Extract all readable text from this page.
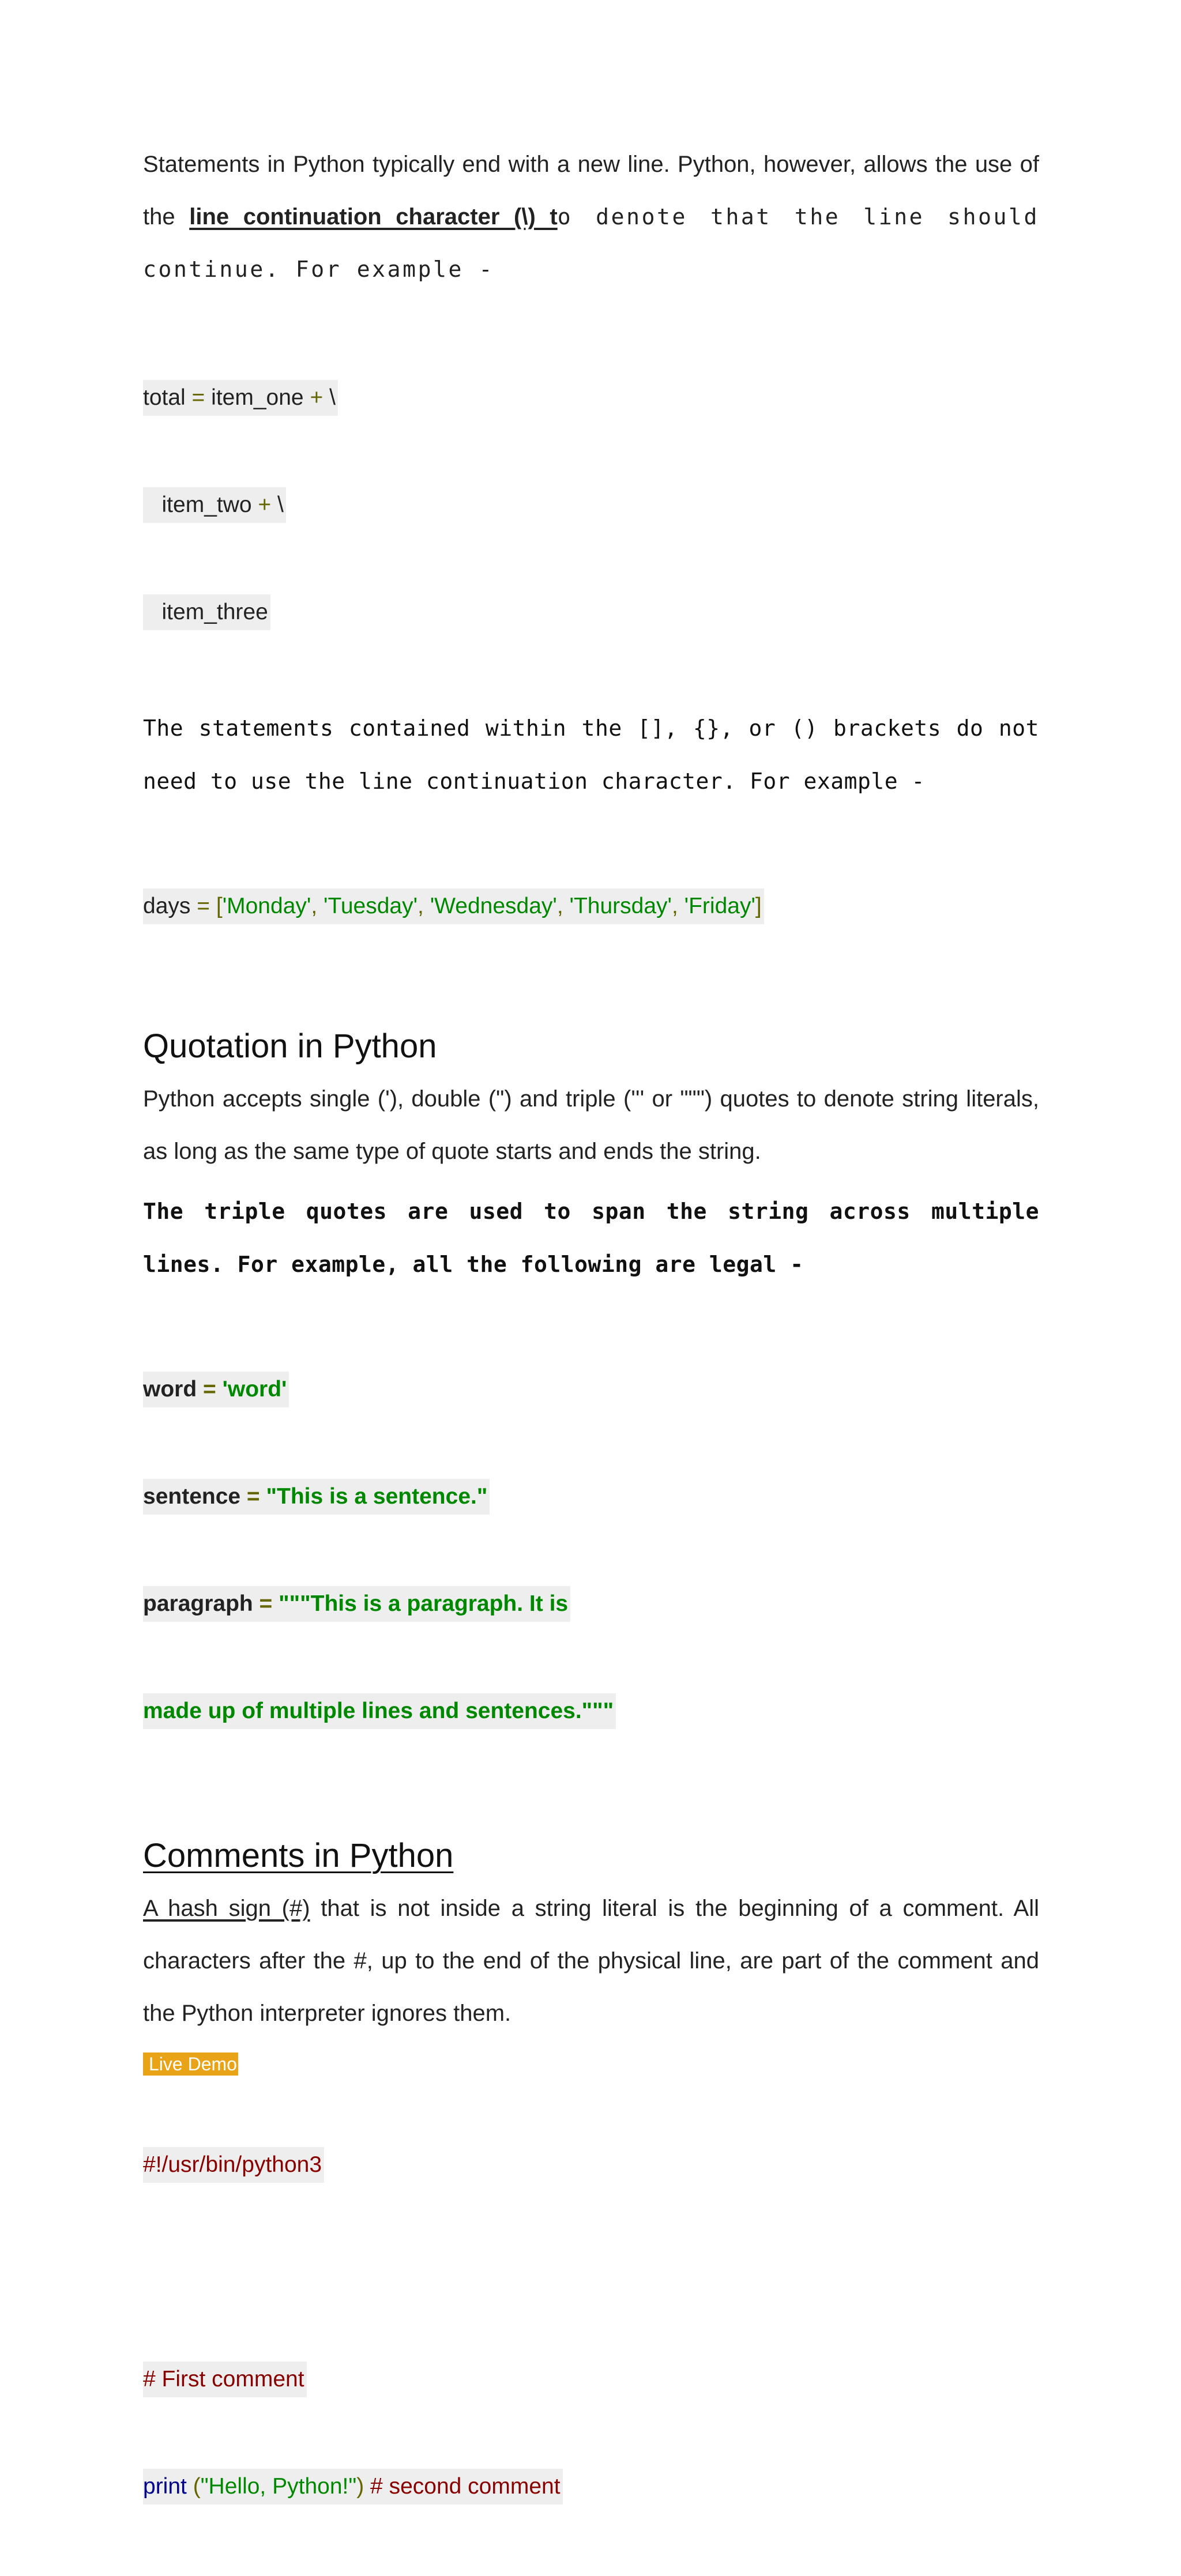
Statements in Python typically end with a new line. Python, however, allows the use of the line continuation character (\) to denote that the line should continue. For example -

total = item_one + \

item_two + \

item_three

The statements contained within the [], {}, or () brackets do not need to use the line continuation character. For example -

days = ['Monday', 'Tuesday', 'Wednesday', 'Thursday', 'Friday']

Quotation in Python

Python accepts single ('), double (") and triple (''' or """) quotes to denote string literals, as long as the same type of quote starts and ends the string.

The triple quotes are used to span the string across multiple lines. For example, all the following are legal -

word = 'word'

sentence = "This is a sentence."

paragraph = """This is a paragraph. It is

made up of multiple lines and sentences."""

Comments in Python

A hash sign (#) that is not inside a string literal is the beginning of a comment. All characters after the #, up to the end of the physical line, are part of the comment and the Python interpreter ignores them.

Live Demo

#!/usr/bin/python3

# First comment

print ("Hello, Python!") # second comment
